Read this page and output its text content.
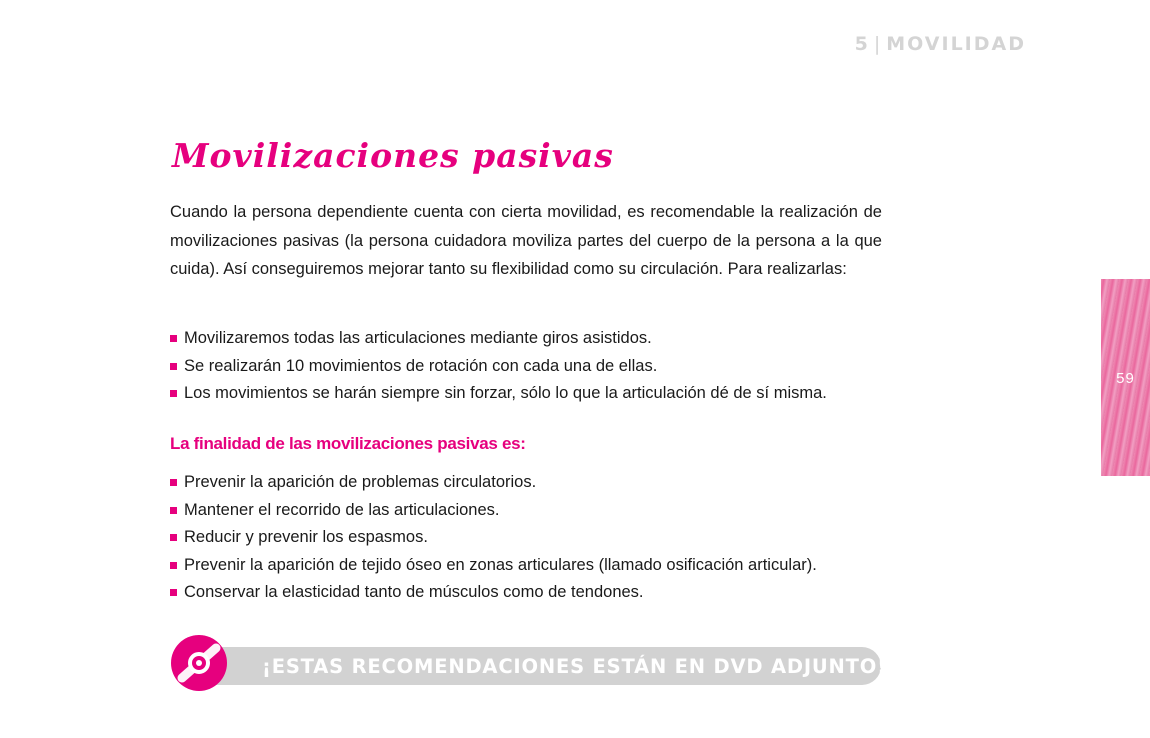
5 | MOVILIDAD
Movilizaciones pasivas

Cuando la persona dependiente cuenta con cierta movilidad, es recomendable la realización de movilizaciones pasivas (la persona cuidadora moviliza partes del cuerpo de la persona a la que cuida). Así conseguiremos mejorar tanto su flexibilidad como su circulación. Para realizarlas:

Movilizaremos todas las articulaciones mediante giros asistidos.
Se realizarán 10 movimientos de rotación con cada una de ellas.
Los movimientos se harán siempre sin forzar, sólo lo que la articulación dé de sí misma.
La finalidad de las movilizaciones pasivas es:
Prevenir la aparición de problemas circulatorios.
Mantener el recorrido de las articulaciones.
Reducir y prevenir los espasmos.
Prevenir la aparición de tejido óseo en zonas articulares (llamado osificación articular).
Conservar la elasticidad tanto de músculos como de tendones.
¡ESTAS RECOMENDACIONES ESTÁN EN DVD ADJUNTO!
59
